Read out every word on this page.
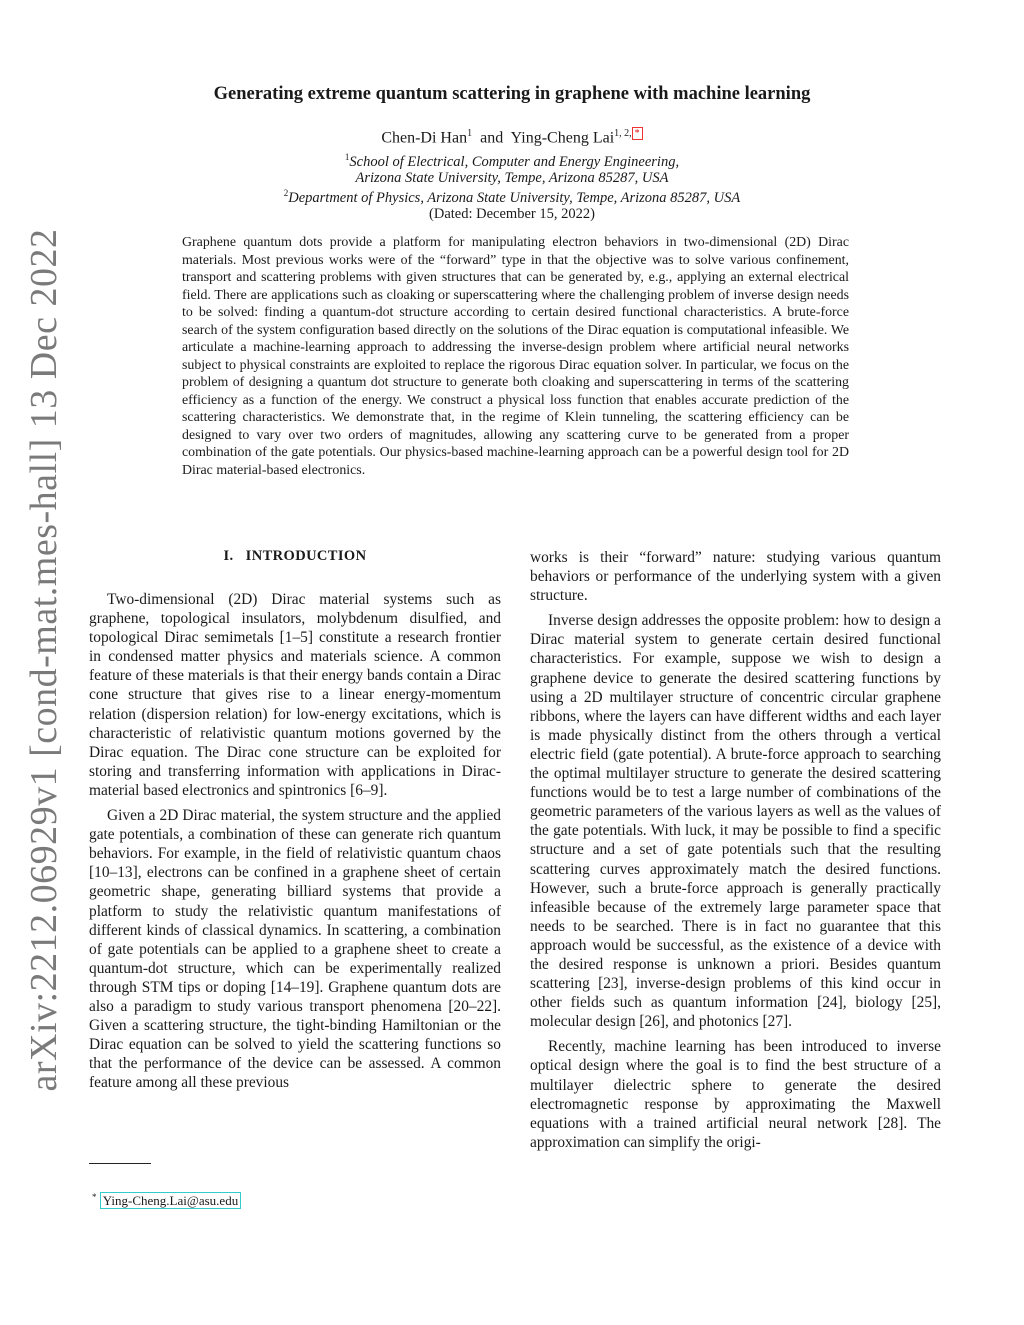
arXiv:2212.06929v1 [cond-mat.mes-hall] 13 Dec 2022
Generating extreme quantum scattering in graphene with machine learning
Chen-Di Han$^1$ and Ying-Cheng Lai$^{1, 2, *}$
$^1$School of Electrical, Computer and Energy Engineering,
Arizona State University, Tempe, Arizona 85287, USA
$^2$Department of Physics, Arizona State University, Tempe, Arizona 85287, USA
(Dated: December 15, 2022)
Graphene quantum dots provide a platform for manipulating electron behaviors in two-dimensional (2D) Dirac materials. Most previous works were of the “forward” type in that the objective was to solve various confinement, transport and scattering problems with given structures that can be generated by, e.g., applying an external electrical field. There are applications such as cloaking or superscattering where the challenging problem of inverse design needs to be solved: finding a quantum-dot structure according to certain desired functional characteristics. A brute-force search of the system configuration based directly on the solutions of the Dirac equation is computational infeasible. We articulate a machine-learning approach to addressing the inverse-design problem where artificial neural networks subject to physical constraints are exploited to replace the rigorous Dirac equation solver. In particular, we focus on the problem of designing a quantum dot structure to generate both cloaking and superscattering in terms of the scattering efficiency as a function of the energy. We construct a physical loss function that enables accurate prediction of the scattering characteristics. We demonstrate that, in the regime of Klein tunneling, the scattering efficiency can be designed to vary over two orders of magnitudes, allowing any scattering curve to be generated from a proper combination of the gate potentials. Our physics-based machine-learning approach can be a powerful design tool for 2D Dirac material-based electronics.
I. INTRODUCTION

Two-dimensional (2D) Dirac material systems such as graphene, topological insulators, molybdenum disulfied, and topological Dirac semimetals [1–5] constitute a research frontier in condensed matter physics and materials science. A common feature of these materials is that their energy bands contain a Dirac cone structure that gives rise to a linear energy-momentum relation (dispersion relation) for low-energy excitations, which is characteristic of relativistic quantum motions governed by the Dirac equation. The Dirac cone structure can be exploited for storing and transferring information with applications in Dirac-material based electronics and spintronics [6–9].

Given a 2D Dirac material, the system structure and the applied gate potentials, a combination of these can generate rich quantum behaviors. For example, in the field of relativistic quantum chaos [10–13], electrons can be confined in a graphene sheet of certain geometric shape, generating billiard systems that provide a platform to study the relativistic quantum manifestations of different kinds of classical dynamics. In scattering, a combination of gate potentials can be applied to a graphene sheet to create a quantum-dot structure, which can be experimentally realized through STM tips or doping [14–19]. Graphene quantum dots are also a paradigm to study various transport phenomena [20–22]. Given a scattering structure, the tight-binding Hamiltonian or the Dirac equation can be solved to yield the scattering functions so that the performance of the device can be assessed. A common feature among all these previous

works is their “forward” nature: studying various quantum behaviors or performance of the underlying system with a given structure.

Inverse design addresses the opposite problem: how to design a Dirac material system to generate certain desired functional characteristics. For example, suppose we wish to design a graphene device to generate the desired scattering functions by using a 2D multilayer structure of concentric circular graphene ribbons, where the layers can have different widths and each layer is made physically distinct from the others through a vertical electric field (gate potential). A brute-force approach to searching the optimal multilayer structure to generate the desired scattering functions would be to test a large number of combinations of the geometric parameters of the various layers as well as the values of the gate potentials. With luck, it may be possible to find a specific structure and a set of gate potentials such that the resulting scattering curves approximately match the desired functions. However, such a brute-force approach is generally practically infeasible because of the extremely large parameter space that needs to be searched. There is in fact no guarantee that this approach would be successful, as the existence of a device with the desired response is unknown a priori. Besides quantum scattering [23], inverse-design problems of this kind occur in other fields such as quantum information [24], biology [25], molecular design [26], and photonics [27].

Recently, machine learning has been introduced to inverse optical design where the goal is to find the best structure of a multilayer dielectric sphere to generate the desired electromagnetic response by approximating the Maxwell equations with a trained artificial neural network [28]. The approximation can simplify the origi-

* Ying-Cheng.Lai@asu.edu
